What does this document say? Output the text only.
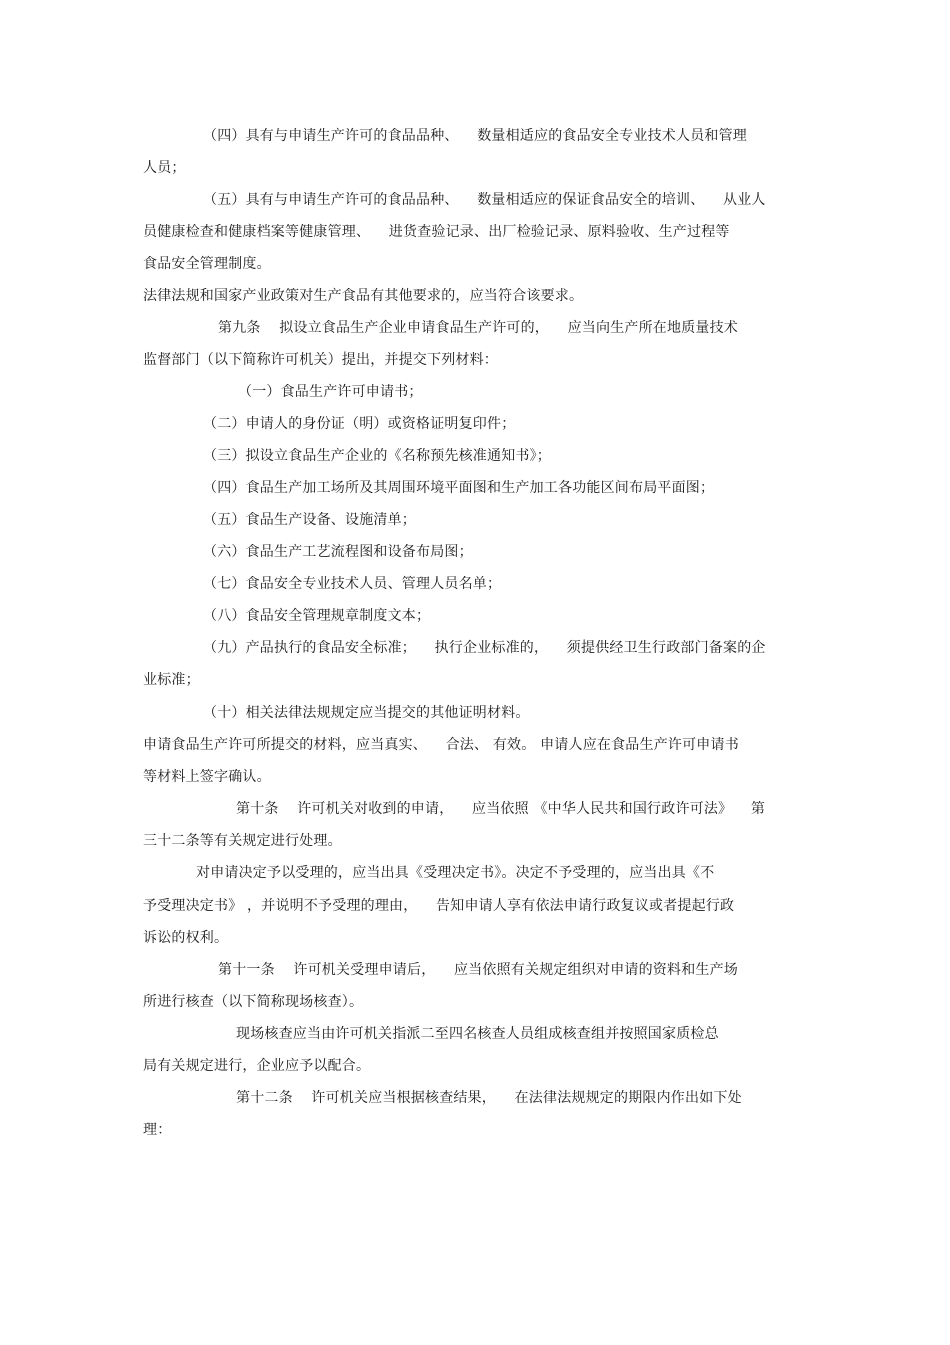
（四）具有与申请生产许可的食品品种、    数量相适应的食品安全专业技术人员和管理
人员；
（五）具有与申请生产许可的食品品种、    数量相适应的保证食品安全的培训、    从业人
员健康检查和健康档案等健康管理、    进货查验记录、出厂检验记录、原料验收、生产过程等
食品安全管理制度。
法律法规和国家产业政策对生产食品有其他要求的，应当符合该要求。
第九条    拟设立食品生产企业申请食品生产许可的，    应当向生产所在地质量技术
监督部门（以下简称许可机关）提出，并提交下列材料：
（一）食品生产许可申请书；
（二）申请人的身份证（明）或资格证明复印件；
（三）拟设立食品生产企业的《名称预先核准通知书》；
（四）食品生产加工场所及其周围环境平面图和生产加工各功能区间布局平面图；
（五）食品生产设备、设施清单；
（六）食品生产工艺流程图和设备布局图；
（七）食品安全专业技术人员、管理人员名单；
（八）食品安全管理规章制度文本；
（九）产品执行的食品安全标准；    执行企业标准的，    须提供经卫生行政部门备案的企
业标准；
（十）相关法律法规规定应当提交的其他证明材料。
申请食品生产许可所提交的材料，应当真实、    合法、 有效。 申请人应在食品生产许可申请书
等材料上签字确认。
第十条    许可机关对收到的申请，    应当依照 《中华人民共和国行政许可法》    第
三十二条等有关规定进行处理。
对申请决定予以受理的，应当出具《受理决定书》。决定不予受理的，应当出具《不
予受理决定书》 ，并说明不予受理的理由，    告知申请人享有依法申请行政复议或者提起行政
诉讼的权利。
第十一条    许可机关受理申请后，    应当依照有关规定组织对申请的资料和生产场
所进行核查（以下简称现场核查）。
现场核查应当由许可机关指派二至四名核查人员组成核查组并按照国家质检总
局有关规定进行，企业应予以配合。
第十二条    许可机关应当根据核查结果，    在法律法规规定的期限内作出如下处
理：
